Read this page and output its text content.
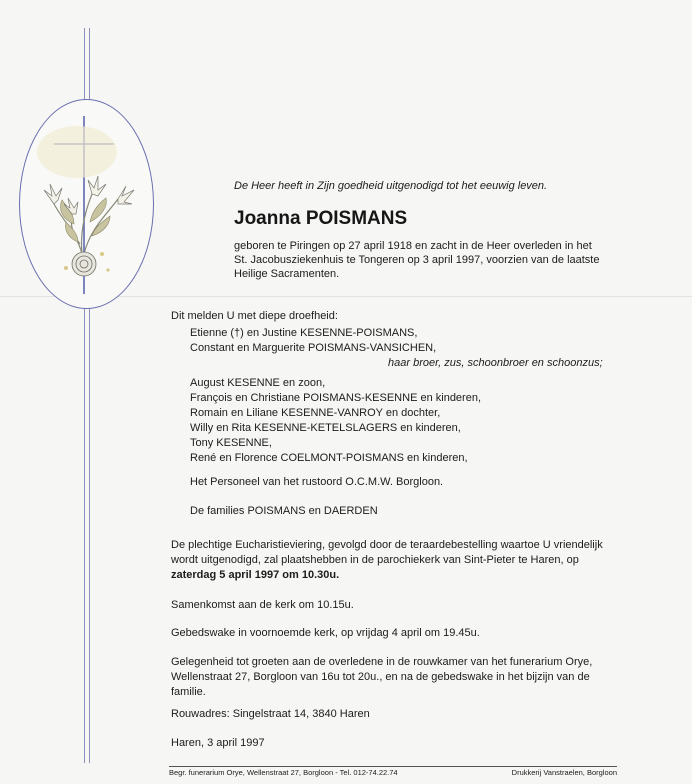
De Heer heeft in Zijn goedheid uitgenodigd tot het eeuwig leven.
Joanna POISMANS
geboren te Piringen op 27 april 1918 en zacht in de Heer overleden in het
St. Jacobusziekenhuis te Tongeren op 3 april 1997, voorzien van de laatste
Heilige Sacramenten.
Dit melden U met diepe droefheid:
Etienne (†) en Justine KESENNE-POISMANS,
Constant en Marguerite POISMANS-VANSICHEN,
haar broer, zus, schoonbroer en schoonzus;
August KESENNE en zoon,
François en Christiane POISMANS-KESENNE en kinderen,
Romain en Liliane KESENNE-VANROY en dochter,
Willy en Rita KESENNE-KETELSLAGERS en kinderen,
Tony KESENNE,
René en Florence COELMONT-POISMANS en kinderen,
Het Personeel van het rustoord O.C.M.W. Borgloon.
De families POISMANS en DAERDEN
De plechtige Eucharistieviering, gevolgd door de teraardebestelling waartoe U vriendelijk
wordt uitgenodigd, zal plaatshebben in de parochiekerk van Sint-Pieter te Haren, op
zaterdag 5 april 1997 om 10.30u.
Samenkomst aan de kerk om 10.15u.
Gebedswake in voornoemde kerk, op vrijdag 4 april om 19.45u.
Gelegenheid tot groeten aan de overledene in de rouwkamer van het funerarium Orye,
Wellenstraat 27, Borgloon van 16u tot 20u., en na de gebedswake in het bijzijn van de
familie.
Rouwadres: Singelstraat 14, 3840 Haren
Haren, 3 april 1997
Begr. funerarium Orye, Wellenstraat 27, Borgloon - Tel. 012-74.22.74	Drukkerij Vanstraelen, Borgloon
